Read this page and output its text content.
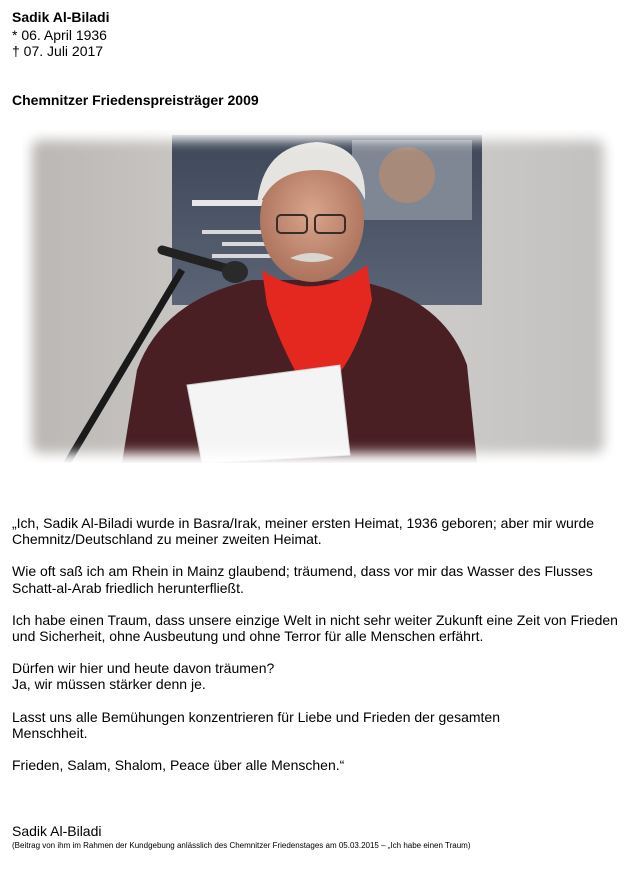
Sadik Al-Biladi
* 06. April 1936
† 07. Juli 2017
Chemnitzer Friedenspreisträger 2009

„Ich, Sadik Al-Biladi wurde in Basra/Irak, meiner ersten Heimat, 1936 geboren; aber mir wurde
Chemnitz/Deutschland zu meiner zweiten Heimat.

Wie oft saß ich am Rhein in Mainz glaubend; träumend, dass vor mir das Wasser des Flusses
Schatt-al-Arab friedlich herunterfließt.

Ich habe einen Traum, dass unsere einzige Welt in nicht sehr weiter Zukunft eine Zeit von Frieden
und Sicherheit, ohne Ausbeutung und ohne Terror für alle Menschen erfährt.

Dürfen wir hier und heute davon träumen?
Ja, wir müssen stärker denn je.

Lasst uns alle Bemühungen konzentrieren für Liebe und Frieden der gesamten
Menschheit.

Frieden, Salam, Shalom, Peace über alle Menschen.“

Sadik Al-Biladi
(Beitrag von ihm im Rahmen der Kundgebung anlässlich des Chemnitzer Friedenstages am 05.03.2015 – „Ich habe einen Traum)
